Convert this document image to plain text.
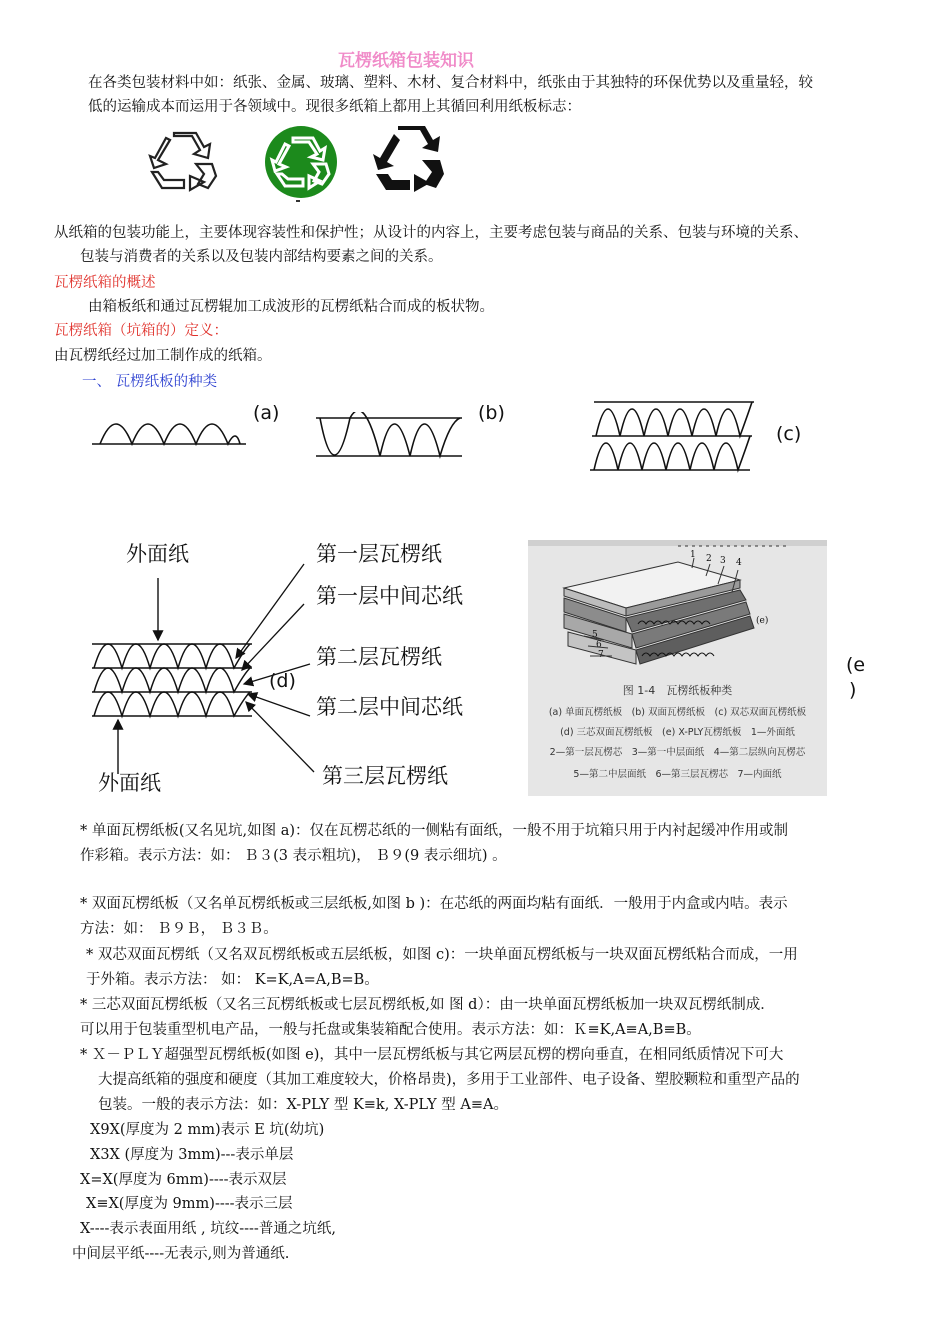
瓦楞纸箱包装知识
在各类包装材料中如：纸张、金属、玻璃、塑料、木材、复合材料中，纸张由于其独特的环保优势以及重量轻，较
低的运输成本而运用于各领域中。现很多纸箱上都用上其循回利用纸板标志：
从纸箱的包装功能上，主要体现容装性和保护性；从设计的内容上，主要考虑包装与商品的关系、包装与环境的关系、
包装与消费者的关系以及包装内部结构要素之间的关系。
瓦楞纸箱的概述
由箱板纸和通过瓦楞辊加工成波形的瓦楞纸粘合而成的板状物。
瓦楞纸箱（坑箱的）定义：
由瓦楞纸经过加工制作成的纸箱。
一、 瓦楞纸板的种类
(a)	(b)
(c)
外面纸
外面纸
第一层瓦楞纸
第一层中间芯纸
第二层瓦楞纸
第二层中间芯纸
第三层瓦楞纸
(d)
1 2 3 4
5
6
7
(e)
图 1-4　瓦楞纸板种类
(a) 单面瓦楞纸板　(b) 双面瓦楞纸板　(c) 双芯双面瓦楞纸板
(d) 三芯双面瓦楞纸板　(e) X-PLY瓦楞纸板　1—外面纸
2—第一层瓦楞芯　3—第一中层面纸　4—第二层纵向瓦楞芯
5—第二中层面纸　6—第三层瓦楞芯　7—内面纸
(e
)
* 单面瓦楞纸板(又名见坑,如图 a)：仅在瓦楞芯纸的一侧粘有面纸，一般不用于坑箱只用于内衬起缓冲作用或制
作彩箱。表示方法：如： Ｂ３(3 表示粗坑)， Ｂ９(9 表示细坑) 。
* 双面瓦楞纸板（又名单瓦楞纸板或三层纸板,如图 b )：在芯纸的两面均粘有面纸．一般用于内盒或内咭。表示
方法：如： Ｂ９Ｂ， Ｂ３Ｂ。
* 双芯双面瓦楞纸（又名双瓦楞纸板或五层纸板，如图 c)：一块单面瓦楞纸板与一块双面瓦楞纸粘合而成，一用
于外箱。表示方法： 如： K=K,A=A,B=B。
* 三芯双面瓦楞纸板（又名三瓦楞纸板或七层瓦楞纸板,如 图 d）：由一块单面瓦楞纸板加一块双瓦楞纸制成．
可以用于包装重型机电产品，一般与托盘或集装箱配合使用。表示方法：如：Ｋ≡K,A≡A,B≡B。
* Ｘ－ＰＬＹ超强型瓦楞纸板(如图 e)，其中一层瓦楞纸板与其它两层瓦楞的楞向垂直，在相同纸质情况下可大
大提高纸箱的强度和硬度（其加工难度较大，价格昂贵)，多用于工业部件、电子设备、塑胶颗粒和重型产品的
包装。一般的表示方法：如：X-PLY 型 K≡k, X-PLY 型 A≡A。
X9X(厚度为 2 mm)表示 E 坑(幼坑)
X3X (厚度为 3mm)---表示单层
X=X(厚度为 6mm)----表示双层
X≡X(厚度为 9mm)----表示三层
X----表示表面用纸 , 坑纹----普通之坑纸,
中间层平纸----无表示,则为普通纸.
